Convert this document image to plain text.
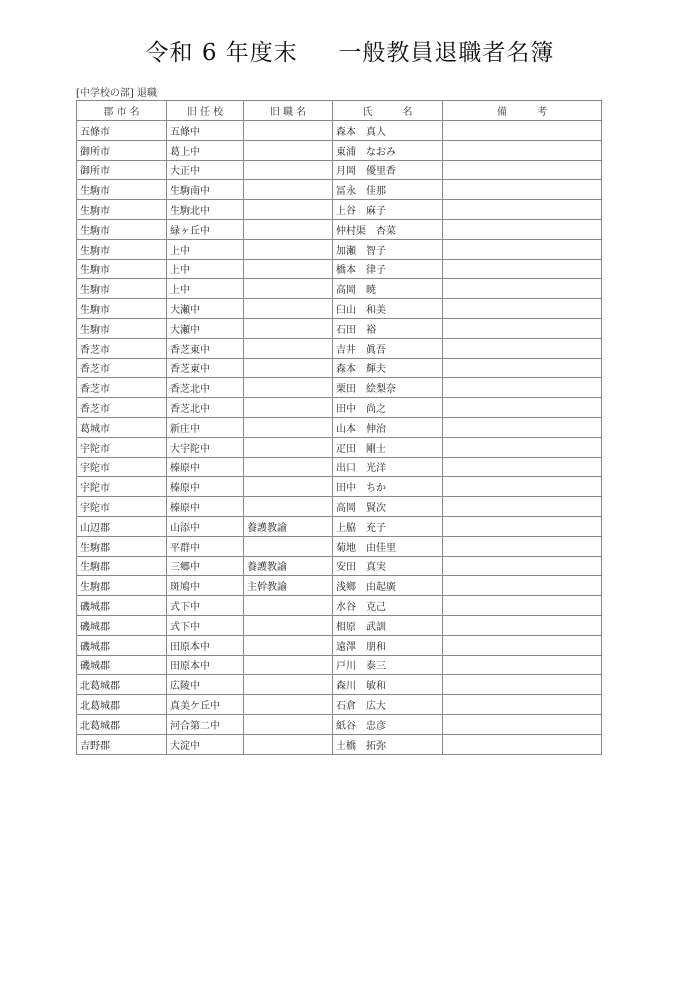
令和 6 年度末 　 一般教員退職者名簿
[中学校の部] 退職
郡 市 名	旧 任 校	旧 職 名	氏　　　名	備　　　考
五條市	五條中		森本　真人	
御所市	葛上中		東浦　なおみ	
御所市	大正中		月岡　優里香	
生駒市	生駒南中		冨永　佳那	
生駒市	生駒北中		上谷　麻子	
生駒市	緑ヶ丘中		仲村渠　杏菜	
生駒市	上中		加瀬　智子	
生駒市	上中		橋本　律子	
生駒市	上中		高岡　暁	
生駒市	大瀬中		臼山　和美	
生駒市	大瀬中		石田　裕	
香芝市	香芝東中		吉井　眞吾	
香芝市	香芝東中		森本　輝夫	
香芝市	香芝北中		栗田　絵梨奈	
香芝市	香芝北中		田中　尚之	
葛城市	新庄中		山本　伸治	
宇陀市	大宇陀中		疋田　剛士	
宇陀市	榛原中		出口　光洋	
宇陀市	榛原中		田中　ちか	
宇陀市	榛原中		高岡　賢次	
山辺郡	山添中	養護教諭	上脇　充子	
生駒郡	平群中		菊地　由佳里	
生駒郡	三郷中	養護教諭	安田　真実	
生駒郡	斑鳩中	主幹教諭	浅鄉　由起廣	
磯城郡	式下中		水谷　克己	
磯城郡	式下中		相原　武訓	
磯城郡	田原本中		遠澤　朋和	
磯城郡	田原本中		戸川　泰三	
北葛城郡	広陵中		森川　敏和	
北葛城郡	真美ケ丘中		石倉　広大	
北葛城郡	河合第二中		紙谷　忠彦	
吉野郡	大淀中		土橋　拓弥	
